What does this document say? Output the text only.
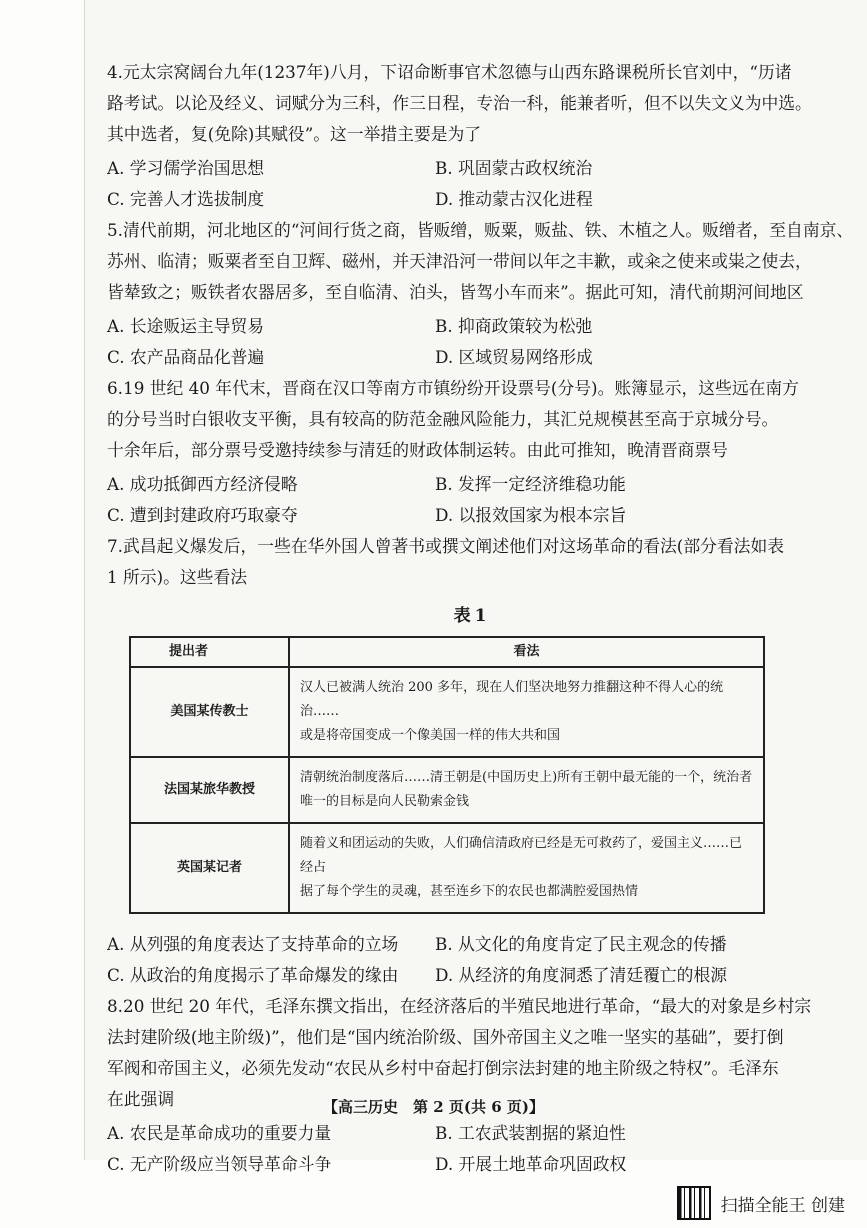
4.元太宗窝阔台九年(1237年)八月，下诏命断事官术忽德与山西东路课税所长官刘中，“历诸

路考试。以论及经义、词赋分为三科，作三日程，专治一科，能兼者听，但不以失文义为中选。

其中选者，复(免除)其赋役”。这一举措主要是为了

A. 学习儒学治国思想	B. 巩固蒙古政权统治
C. 完善人才选拔制度	D. 推动蒙古汉化进程

5.清代前期，河北地区的“河间行货之商，皆贩缯，贩粟，贩盐、铁、木植之人。贩缯者，至自南京、

苏州、临清；贩粟者至自卫辉、磁州，并天津沿河一带间以年之丰歉，或籴之使来或粜之使去，

皆辇致之；贩铁者农器居多，至自临清、泊头，皆驾小车而来”。据此可知，清代前期河间地区

A. 长途贩运主导贸易	B. 抑商政策较为松弛
C. 农产品商品化普遍	D. 区域贸易网络形成

6.19 世纪 40 年代末，晋商在汉口等南方市镇纷纷开设票号(分号)。账簿显示，这些远在南方

的分号当时白银收支平衡，具有较高的防范金融风险能力，其汇兑规模甚至高于京城分号。

十余年后，部分票号受邀持续参与清廷的财政体制运转。由此可推知，晚清晋商票号

A. 成功抵御西方经济侵略	B. 发挥一定经济维稳功能
C. 遭到封建政府巧取豪夺	D. 以报效国家为根本宗旨

7.武昌起义爆发后，一些在华外国人曾著书或撰文阐述他们对这场革命的看法(部分看法如表

1 所示)。这些看法

表1
提出者	看法
美国某传教士	汉人已被满人统治 200 多年，现在人们坚决地努力推翻这种不得人心的统治……
或是将帝国变成一个像美国一样的伟大共和国

法国某旅华教授	清朝统治制度落后……清王朝是(中国历史上)所有王朝中最无能的一个，统治者
唯一的目标是向人民勒索金钱

英国某记者	随着义和团运动的失败，人们确信清政府已经是无可救药了，爱国主义……已经占
据了每个学生的灵魂，甚至连乡下的农民也都满腔爱国热情
A. 从列强的角度表达了支持革命的立场	B. 从文化的角度肯定了民主观念的传播
C. 从政治的角度揭示了革命爆发的缘由	D. 从经济的角度洞悉了清廷覆亡的根源

8.20 世纪 20 年代，毛泽东撰文指出，在经济落后的半殖民地进行革命，“最大的对象是乡村宗

法封建阶级(地主阶级)”，他们是“国内统治阶级、国外帝国主义之唯一坚实的基础”，要打倒

军阀和帝国主义，必须先发动“农民从乡村中奋起打倒宗法封建的地主阶级之特权”。毛泽东

在此强调

A. 农民是革命成功的重要力量	B. 工农武装割据的紧迫性
C. 无产阶级应当领导革命斗争	D. 开展土地革命巩固政权
【高三历史　第 2 页(共 6 页)】
扫描全能王 创建
